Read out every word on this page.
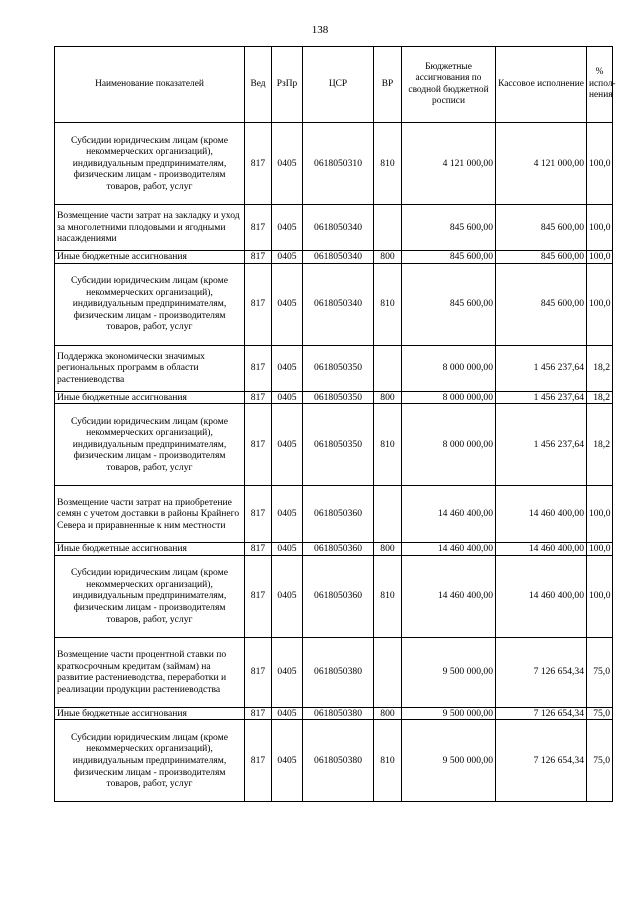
138
Наименование показателей	Вед	РзПр	ЦСР	ВР	Бюджетные ассигнования по сводной бюджетной росписи	Кассовое исполнение	% испол-нения
Субсидии юридическим лицам (кроме некоммерческих организаций), индивидуальным предпринимателям, физическим лицам - производителям товаров, работ, услуг	817	0405	0618050310	810	4 121 000,00	4 121 000,00	100,0
Возмещение части затрат на закладку и уход за многолетними плодовыми и ягодными насаждениями	817	0405	0618050340		845 600,00	845 600,00	100,0
Иные бюджетные ассигнования	817	0405	0618050340	800	845 600,00	845 600,00	100,0
Субсидии юридическим лицам (кроме некоммерческих организаций), индивидуальным предпринимателям, физическим лицам - производителям товаров, работ, услуг	817	0405	0618050340	810	845 600,00	845 600,00	100,0
Поддержка экономически значимых региональных программ в области растениеводства	817	0405	0618050350		8 000 000,00	1 456 237,64	18,2
Иные бюджетные ассигнования	817	0405	0618050350	800	8 000 000,00	1 456 237,64	18,2
Субсидии юридическим лицам (кроме некоммерческих организаций), индивидуальным предпринимателям, физическим лицам - производителям товаров, работ, услуг	817	0405	0618050350	810	8 000 000,00	1 456 237,64	18,2
Возмещение части затрат на приобретение семян с учетом доставки в районы Крайнего Севера и приравненные к ним местности	817	0405	0618050360		14 460 400,00	14 460 400,00	100,0
Иные бюджетные ассигнования	817	0405	0618050360	800	14 460 400,00	14 460 400,00	100,0
Субсидии юридическим лицам (кроме некоммерческих организаций), индивидуальным предпринимателям, физическим лицам - производителям товаров, работ, услуг	817	0405	0618050360	810	14 460 400,00	14 460 400,00	100,0
Возмещение части процентной ставки по краткосрочным кредитам (займам) на развитие растениеводства, переработки и реализации продукции растениеводства	817	0405	0618050380		9 500 000,00	7 126 654,34	75,0
Иные бюджетные ассигнования	817	0405	0618050380	800	9 500 000,00	7 126 654,34	75,0
Субсидии юридическим лицам (кроме некоммерческих организаций), индивидуальным предпринимателям, физическим лицам - производителям товаров, работ, услуг	817	0405	0618050380	810	9 500 000,00	7 126 654,34	75,0
